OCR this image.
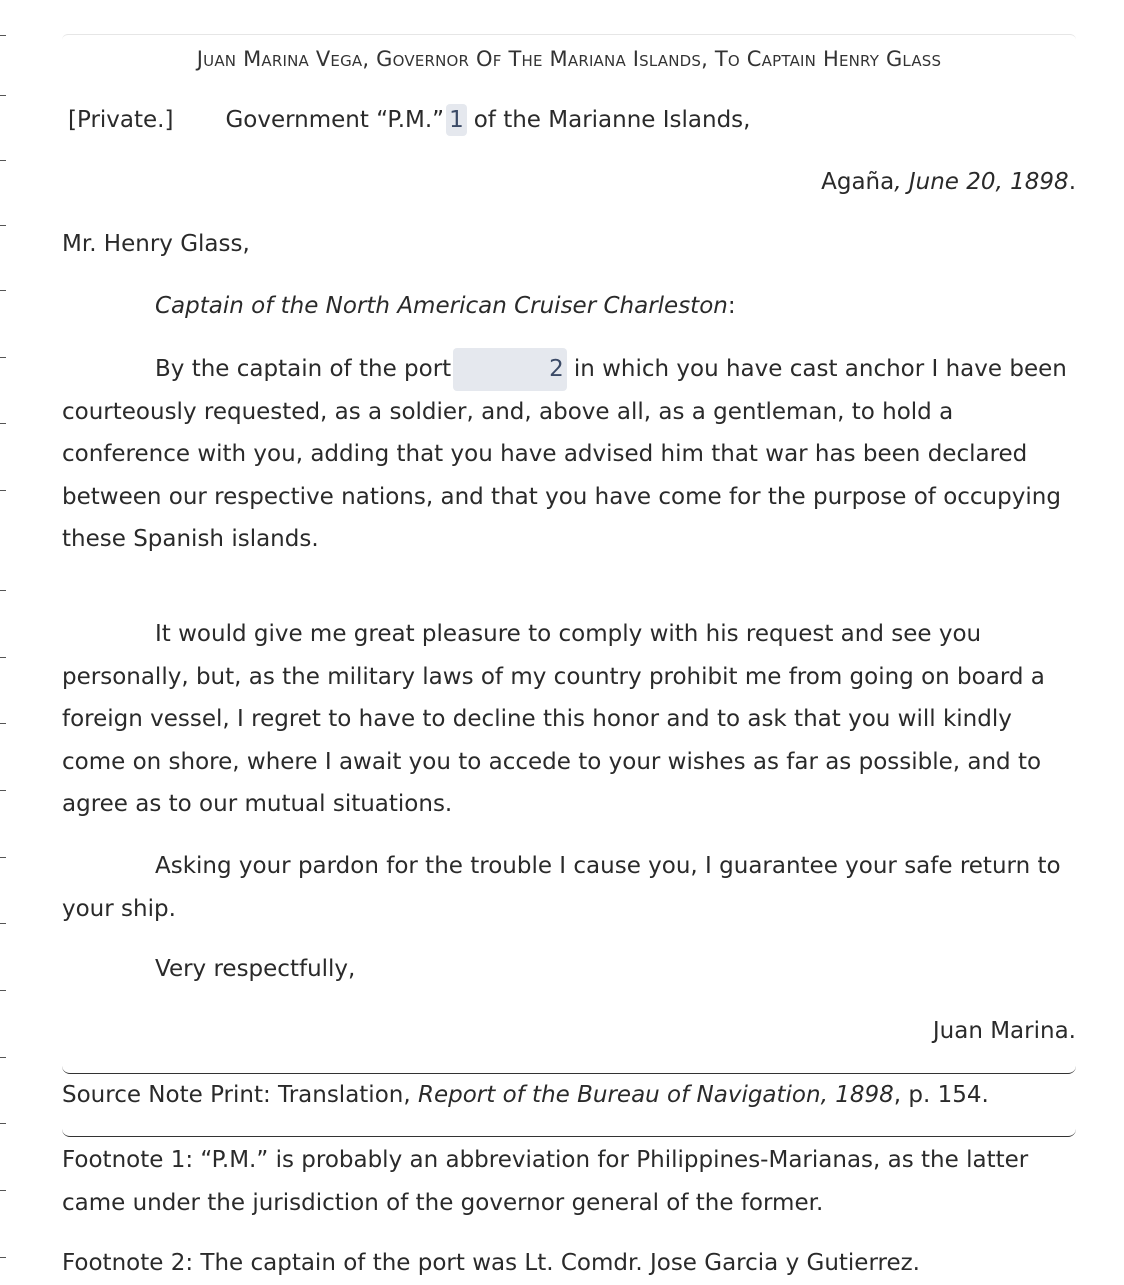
Juan Marina Vega, Governor Of The Mariana Islands, To Captain Henry Glass
[Private.] Government “P.M.” 1 of the Marianne Islands,
Agaña, June 20, 1898.
Mr. Henry Glass,
Captain of the North American Cruiser Charleston:

By the captain of the port	2 in which you have cast anchor I have been courteously requested, as a soldier, and, above all, as a gentleman, to hold a conference with you, adding that you have advised him that war has been declared between our respective nations, and that you have come for the purpose of occupying these Spanish islands.

It would give me great pleasure to comply with his request and see you personally, but, as the military laws of my country prohibit me from going on board a foreign vessel, I regret to have to decline this honor and to ask that you will kindly come on shore, where I await you to accede to your wishes as far as possible, and to agree as to our mutual situations.

Asking your pardon for the trouble I cause you, I guarantee your safe return to your ship.

Very respectfully,
Juan Marina.
Source Note Print: Translation, Report of the Bureau of Navigation, 1898, p. 154.

Footnote 1: “P.M.” is probably an abbreviation for Philippines-Marianas, as the latter came under the jurisdiction of the governor general of the former.

Footnote 2: The captain of the port was Lt. Comdr. Jose Garcia y Gutierrez.
